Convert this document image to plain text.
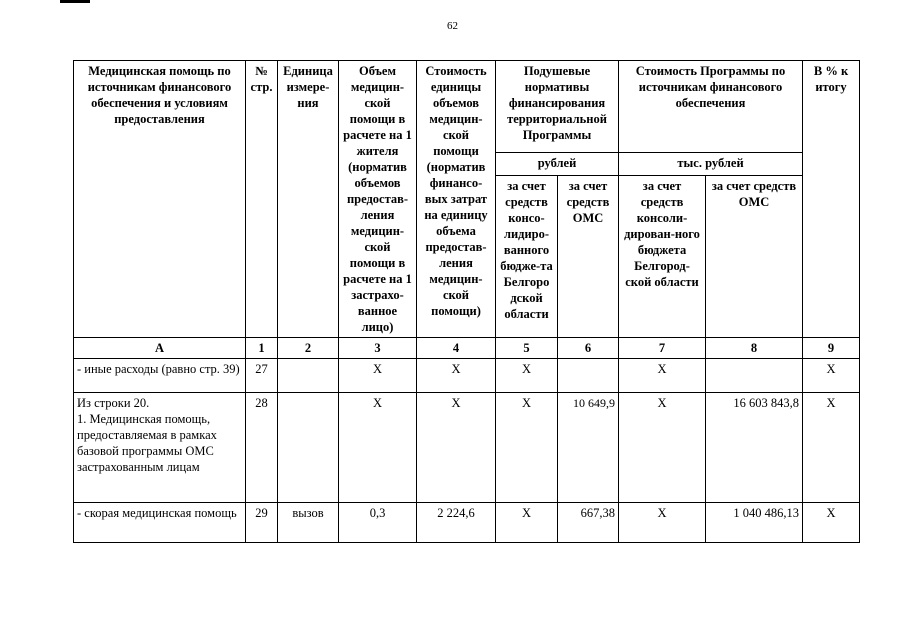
62
Медицинская помощь по источникам финансового обеспечения и условиям предоставления	№ стр.	Единица измере-ния	Объем медицин-ской помощи в расчете на 1 жителя (норматив объемов предостав-ления медицин-ской помощи в расчете на 1 застрахо-ванное лицо)	Стоимость единицы объемов медицин-ской помощи (норматив финансо-вых затрат на единицу объема предостав-ления медицин-ской помощи)	Подушевые нормативы финансирования территориальной Программы		Стоимость Программы по источникам финансового обеспечения		В % к итогу
					рублей		тыс. рублей		
					за счет средств консо-лидиро-ванного бюдже-та Белгоро дской области	за счет средств ОМС	за счет средств консоли-дирован-ного бюджета Белгород-ской области	за счет средств ОМС	
А	1	2	3	4	5	6	7	8	9
- иные расходы (равно стр. 39)	27		Х	Х	Х		Х		Х
Из строки 20.
1. Медицинская помощь, предоставляемая в рамках базовой программы ОМС застрахованным лицам	28		Х	Х	Х	10 649,9	Х	16 603 843,8	Х
- скорая медицинская помощь	29	вызов	0,3	2 224,6	Х	667,38	Х	1 040 486,13	Х
